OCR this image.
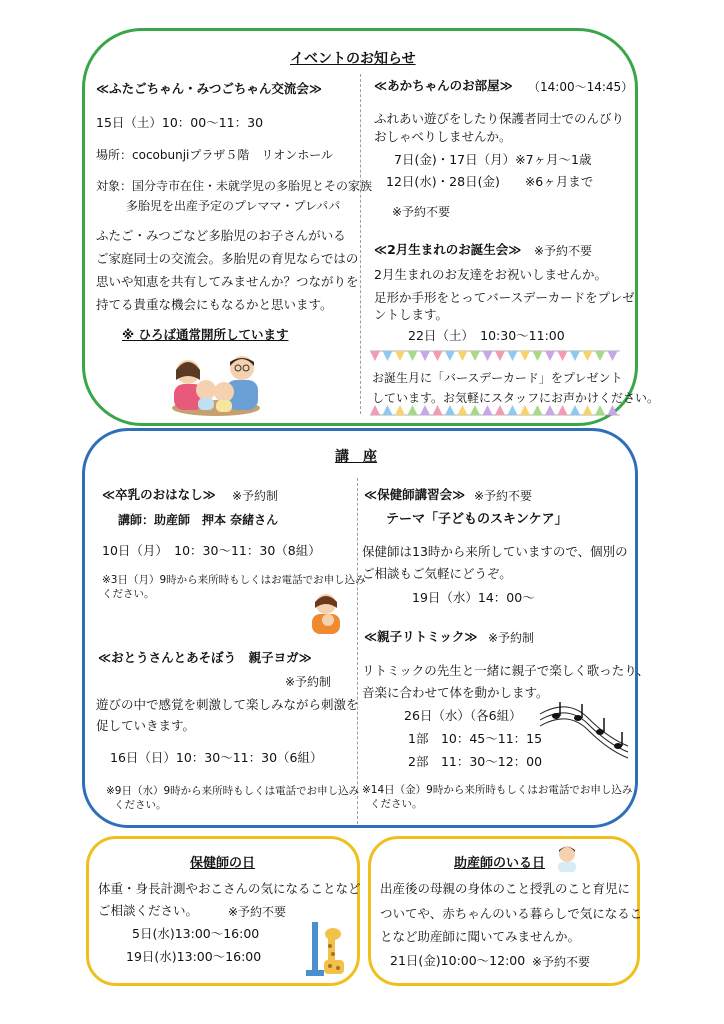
イベントのお知らせ
≪ふたごちゃん・みつごちゃん交流会≫
15日（土）10：00～11：30
場所：cocobunjiプラザ５階　リオンホール
対象：国分寺市在住・未就学児の多胎児とその家族
多胎児を出産予定のプレママ・プレパパ
ふたご・みつごなど多胎児のお子さんがいる
ご家庭同士の交流会。多胎児の育児ならではの
思いや知恵を共有してみませんか？つながりを
持てる貴重な機会にもなるかと思います。
※ ひろば通常開所しています
≪あかちゃんのお部屋≫ （14:00～14:45）
ふれあい遊びをしたり保護者同士でのんびり
おしゃべりしませんか。
7日(金)・17日（月）※7ヶ月～1歳
12日(水)・28日(金)　　※6ヶ月まで
※予約不要
≪2月生まれのお誕生会≫ ※予約不要
2月生まれのお友達をお祝いしませんか。
足形か手形をとってバースデーカードをプレゼ
ントします。
22日（土）　10:30～11:00
お誕生月に「バースデーカード」をプレゼント
しています。お気軽にスタッフにお声かけください。
講　座
≪卒乳のおはなし≫ ※予約制
講師：助産師　押本 奈緒さん
10日（月）　10：30～11：30（8組）
※3日（月）9時から来所時もしくはお電話でお申し込み
ください。
≪おとうさんとあそぼう　親子ヨガ≫
※予約制
遊びの中で感覚を刺激して楽しみながら刺激を
促していきます。
16日（日）10：30～11：30（6組）
※9日（水）9時から来所時もしくは電話でお申し込み
ください。
≪保健師講習会≫ ※予約不要
テーマ「子どものスキンケア」
保健師は13時から来所していますので、個別の
ご相談もご気軽にどうぞ。
19日（水）14：00～
≪親子リトミック≫ ※予約制
リトミックの先生と一緒に親子で楽しく歌ったり、
音楽に合わせて体を動かします。
26日（水）（各6組）
1部　10：45～11：15
2部　11：30～12：00
※14日（金）9時から来所時もしくはお電話でお申し込み
ください。
保健師の日
体重・身長計測やおこさんの気になることなど
ご相談ください。 ※予約不要
5日(水)13:00～16:00
19日(水)13:00～16:00
助産師のいる日
出産後の母親の身体のこと授乳のこと育児に
ついてや、赤ちゃんのいる暮らしで気になるこ
となど助産師に聞いてみませんか。
21日(金)10:00～12:00 ※予約不要
